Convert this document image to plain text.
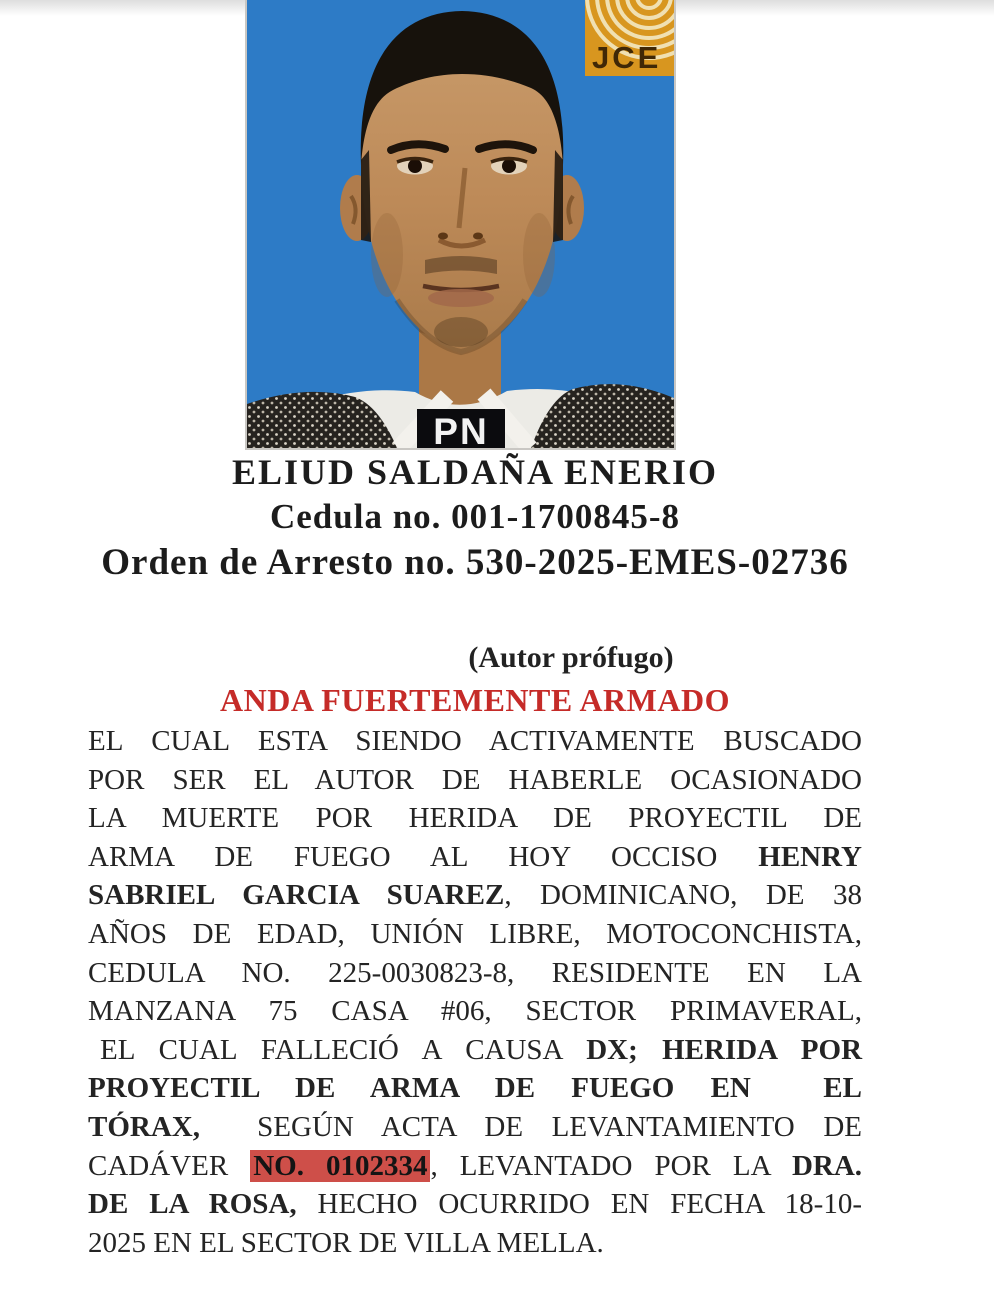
JCE
PN
ELIUD SALDAÑA ENERIO
Cedula no. 001-1700845-8
Orden de Arresto no. 530-2025-EMES-02736
(Autor prófugo)
ANDA FUERTEMENTE ARMADO
EL CUAL ESTA SIENDO ACTIVAMENTE BUSCADO
POR SER EL AUTOR DE HABERLE OCASIONADO
LA MUERTE POR HERIDA DE PROYECTIL DE
ARMA DE FUEGO AL HOY OCCISO HENRY
SABRIEL GARCIA SUAREZ, DOMINICANO, DE 38
AÑOS DE EDAD, UNIÓN LIBRE, MOTOCONCHISTA,
CEDULA NO. 225-0030823-8, RESIDENTE EN LA
MANZANA 75 CASA #06, SECTOR PRIMAVERAL,
EL CUAL FALLECIÓ A CAUSA DX; HERIDA POR
PROYECTIL DE ARMA DE FUEGO EN  EL
TÓRAX,  SEGÚN ACTA DE LEVANTAMIENTO DE
CADÁVER NO. 0102334 , LEVANTADO POR LA DRA.
DE LA ROSA, HECHO OCURRIDO EN FECHA 18-10-
2025 EN EL SECTOR DE VILLA MELLA.
